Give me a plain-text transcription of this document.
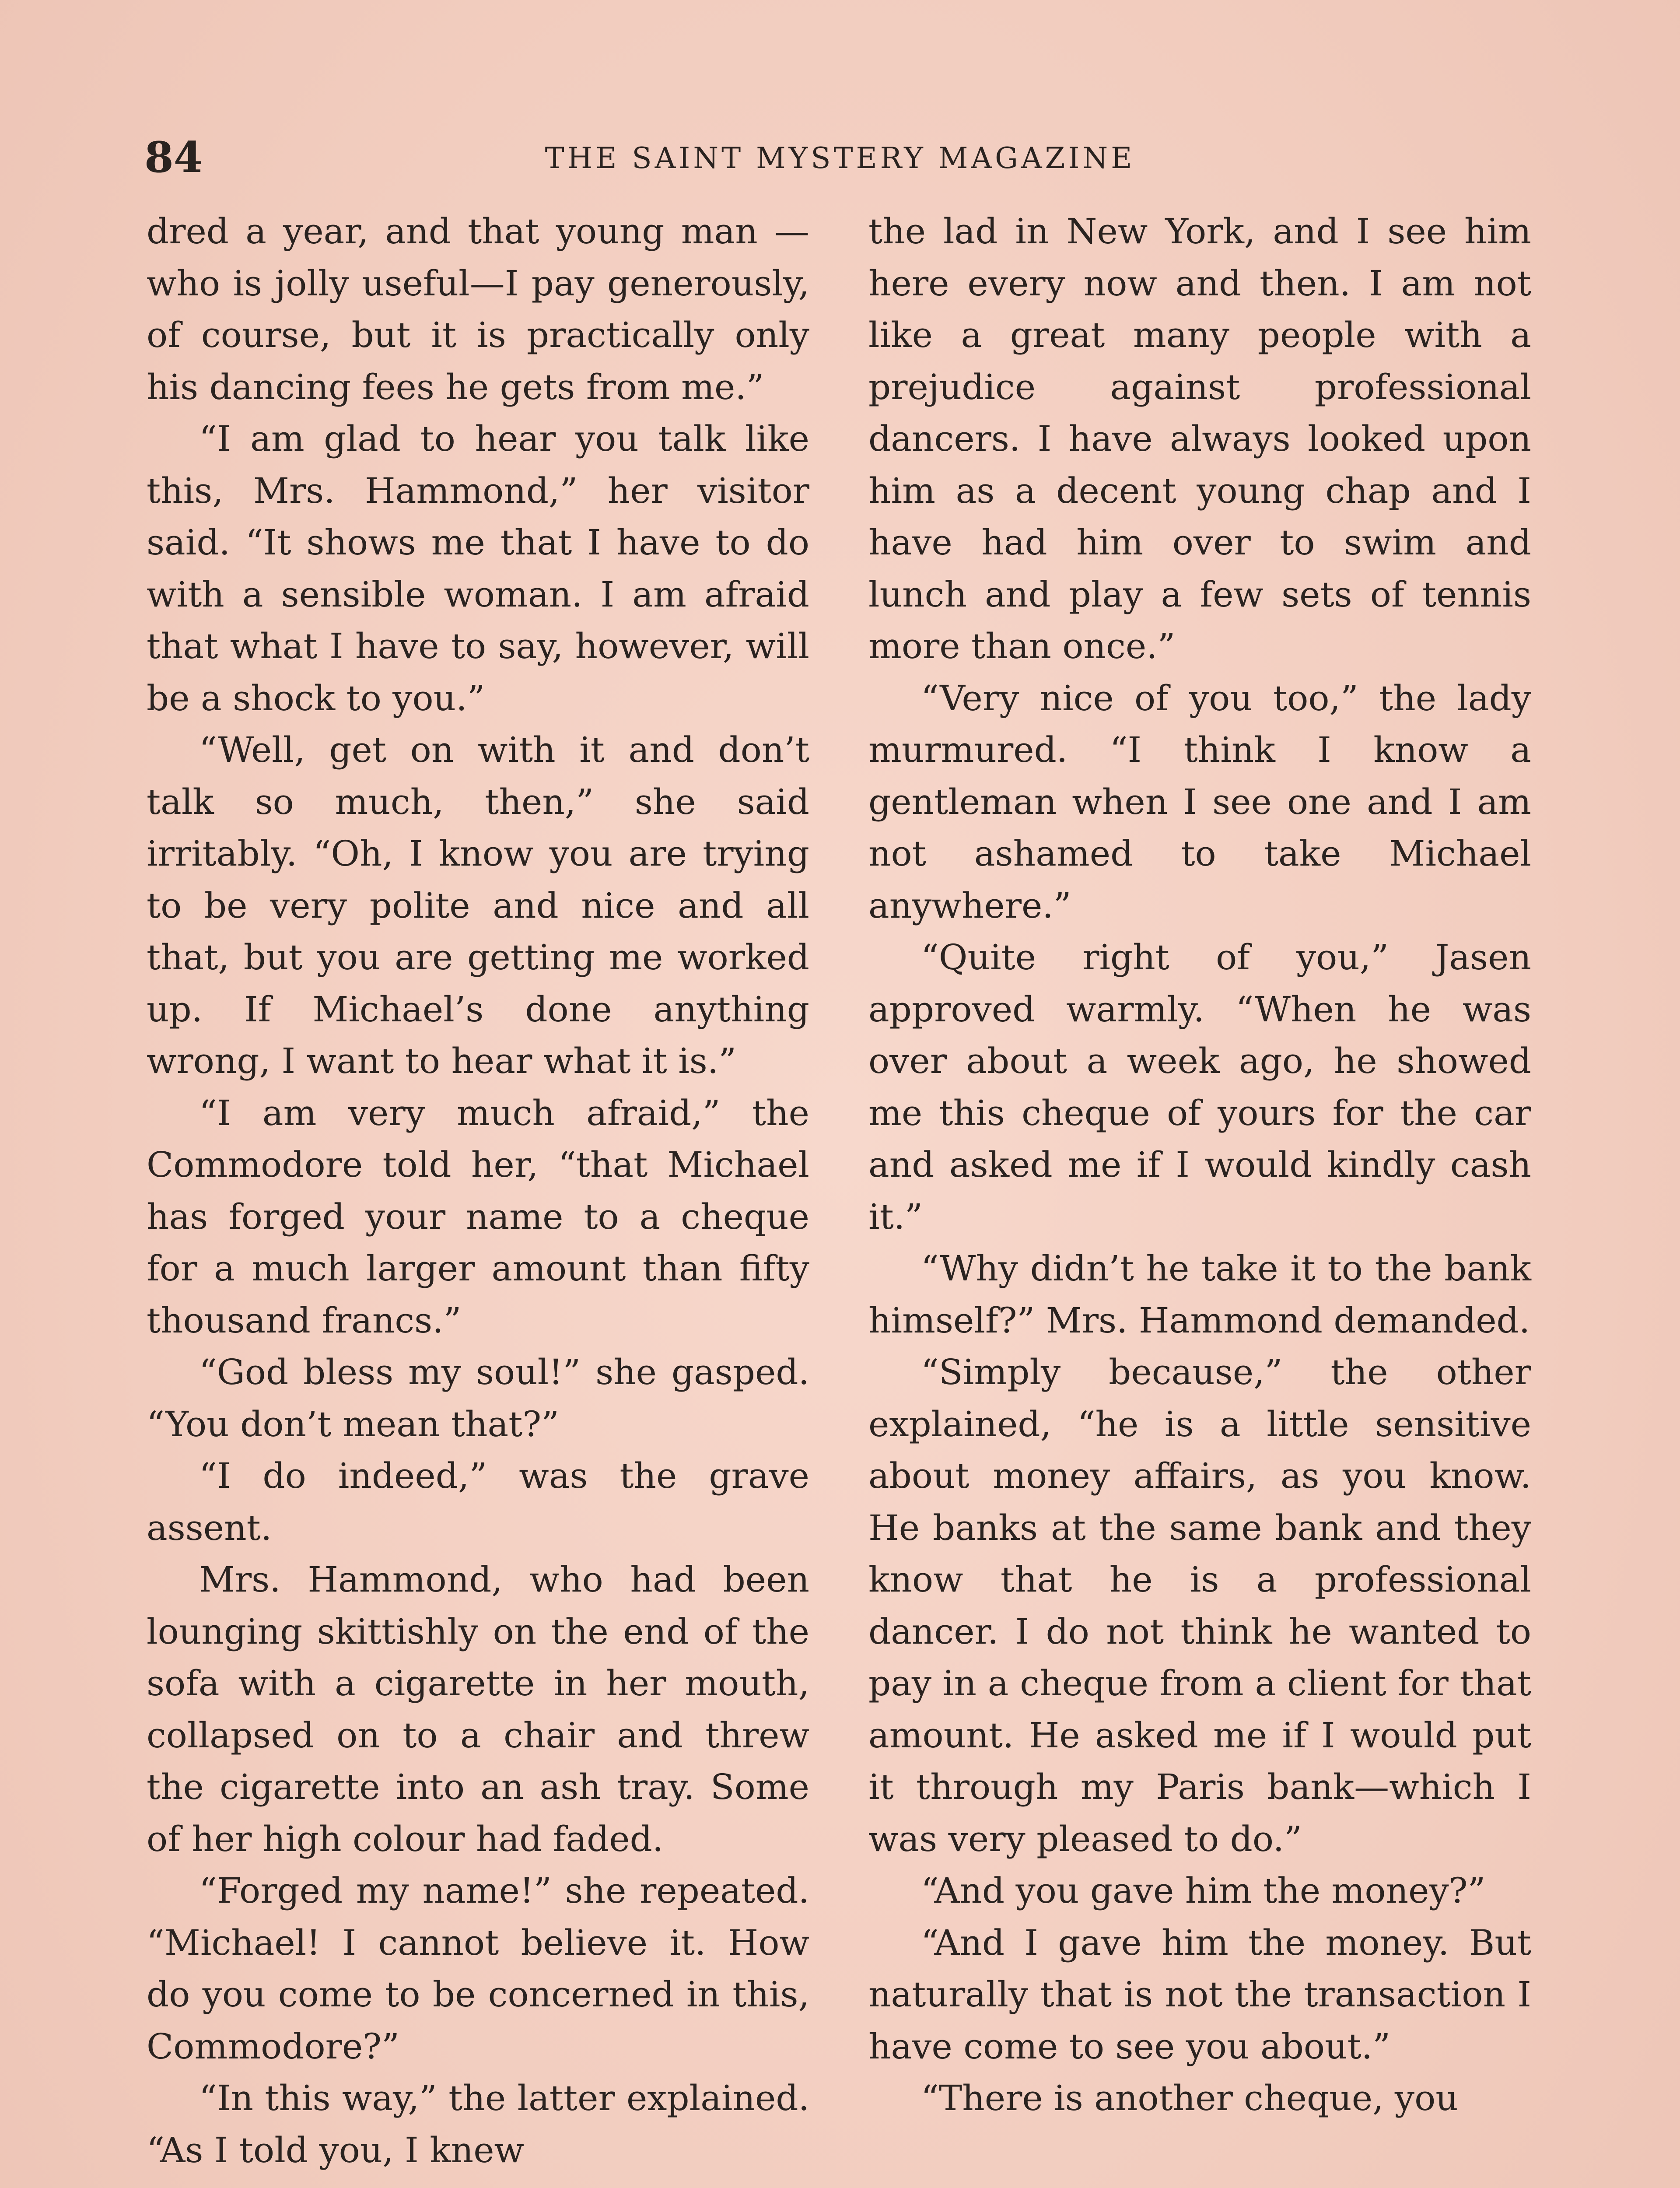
84	THE SAINT MYSTERY MAGAZINE

dred a year, and that young man —who is jolly useful—I pay generously, of course, but it is practically only his dancing fees he gets from me.”

“I am glad to hear you talk like this, Mrs. Hammond,” her visitor said. “It shows me that I have to do with a sensible woman. I am afraid that what I have to say, however, will be a shock to you.”

“Well, get on with it and don’t talk so much, then,” she said irritably. “Oh, I know you are trying to be very polite and nice and all that, but you are getting me worked up. If Michael’s done anything wrong, I want to hear what it is.”

“I am very much afraid,” the Commodore told her, “that Michael has forged your name to a cheque for a much larger amount than fifty thousand francs.”

“God bless my soul!” she gasped. “You don’t mean that?”

“I do indeed,” was the grave assent.

Mrs. Hammond, who had been lounging skittishly on the end of the sofa with a cigarette in her mouth, collapsed on to a chair and threw the cigarette into an ash tray. Some of her high colour had faded.

“Forged my name!” she repeated. “Michael! I cannot believe it. How do you come to be concerned in this, Commodore?”

“In this way,” the latter explained. “As I told you, I knew

the lad in New York, and I see him here every now and then. I am not like a great many people with a prejudice against professional dancers. I have always looked upon him as a decent young chap and I have had him over to swim and lunch and play a few sets of tennis more than once.”

“Very nice of you too,” the lady murmured. “I think I know a gentleman when I see one and I am not ashamed to take Michael anywhere.”

“Quite right of you,” Jasen approved warmly. “When he was over about a week ago, he showed me this cheque of yours for the car and asked me if I would kindly cash it.”

“Why didn’t he take it to the bank himself?” Mrs. Hammond demanded.

“Simply because,” the other explained, “he is a little sensitive about money affairs, as you know. He banks at the same bank and they know that he is a professional dancer. I do not think he wanted to pay in a cheque from a client for that amount. He asked me if I would put it through my Paris bank—which I was very pleased to do.”

“And you gave him the money?”

“And I gave him the money. But naturally that is not the transaction I have come to see you about.”

“There is another cheque, you
